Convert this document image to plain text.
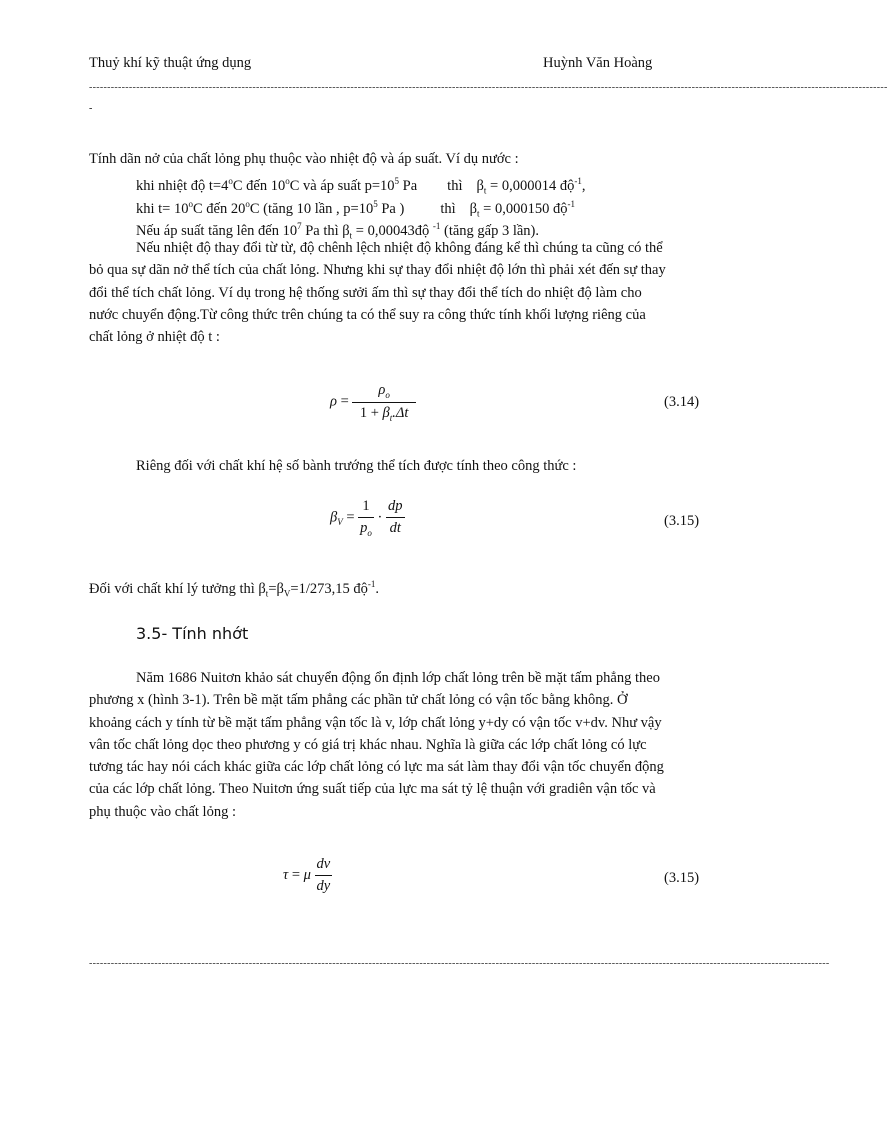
Thuỷ khí kỹ thuật ứng dụng	Huỳnh Văn Hoàng
----------------------------------------------------------------------------------------------------------------------------------------------------------------------------------------------------------------------------
-
Tính dãn nở của chất lỏng phụ thuộc vào nhiệt độ và áp suất. Ví dụ nước :
khi nhiệt độ $t=4^oC$ đến 10$^o$C và áp suất $p=10^5$ Pa thì $\beta_t = 0,000014$ độ$^{-1}$,
khi $t= 10^oC$ đến 20$^o$C (tăng 10 lần , $p=10^5$ Pa ) thì $\beta_t = 0,000150$ độ$^{-1}$
Nếu áp suất tăng lên đến $10^7$ Pa thì $\beta_t$ = 0,00043độ $^{-1}$ (tăng gấp 3 lần).
Nếu nhiệt độ thay đổi từ từ, độ chênh lệch nhiệt độ không đáng kể thì chúng ta cũng có thể
bỏ qua sự dãn nở thể tích của chất lỏng. Nhưng khi sự thay đổi nhiệt độ lớn thì phải xét đến sự thay
đổi thể tích chất lỏng. Ví dụ trong hệ thống sưởi ấm thì sự thay đổi thể tích do nhiệt độ làm cho
nước chuyển động.Từ công thức trên chúng ta có thể suy ra công thức tính khối lượng riêng của
chất lỏng ở nhiệt độ t :
$\rho = \frac{\rho_o}{1 + \beta_t.\Delta t}$	(3.14)
Riêng đối với chất khí hệ số bành trướng thể tích được tính theo công thức :
$\beta_V = \frac{1}{p_o} \cdot \frac{dp}{dt}$	(3.15)
Đối với chất khí lý tưởng thì $\beta_t=\beta_V=1/273,15$ độ$^{-1}$.
3.5- Tính nhớt
Năm 1686 Nuitơn khảo sát chuyển động ổn định lớp chất lỏng trên bề mặt tấm phẳng theo
phương x (hình 3-1). Trên bề mặt tấm phẳng các phần tử chất lỏng có vận tốc bằng không. Ở
khoảng cách y tính từ bề mặt tấm phẳng vận tốc là v, lớp chất lỏng y+dy có vận tốc v+dv. Như vậy
vân tốc chất lỏng dọc theo phương y có giá trị khác nhau. Nghĩa là giữa các lớp chất lỏng có lực
tương tác hay nói cách khác giữa các lớp chất lỏng có lực ma sát làm thay đổi vận tốc chuyển động
của các lớp chất lỏng. Theo Nuitơn ứng suất tiếp của lực ma sát tỷ lệ thuận với gradiên vận tốc và
phụ thuộc vào chất lỏng :
τ = μ $\frac{dv}{dy}$	(3.15)
------------------------------------------------------------------------------------------------------------------------------------------------------------------------------------------------------------
